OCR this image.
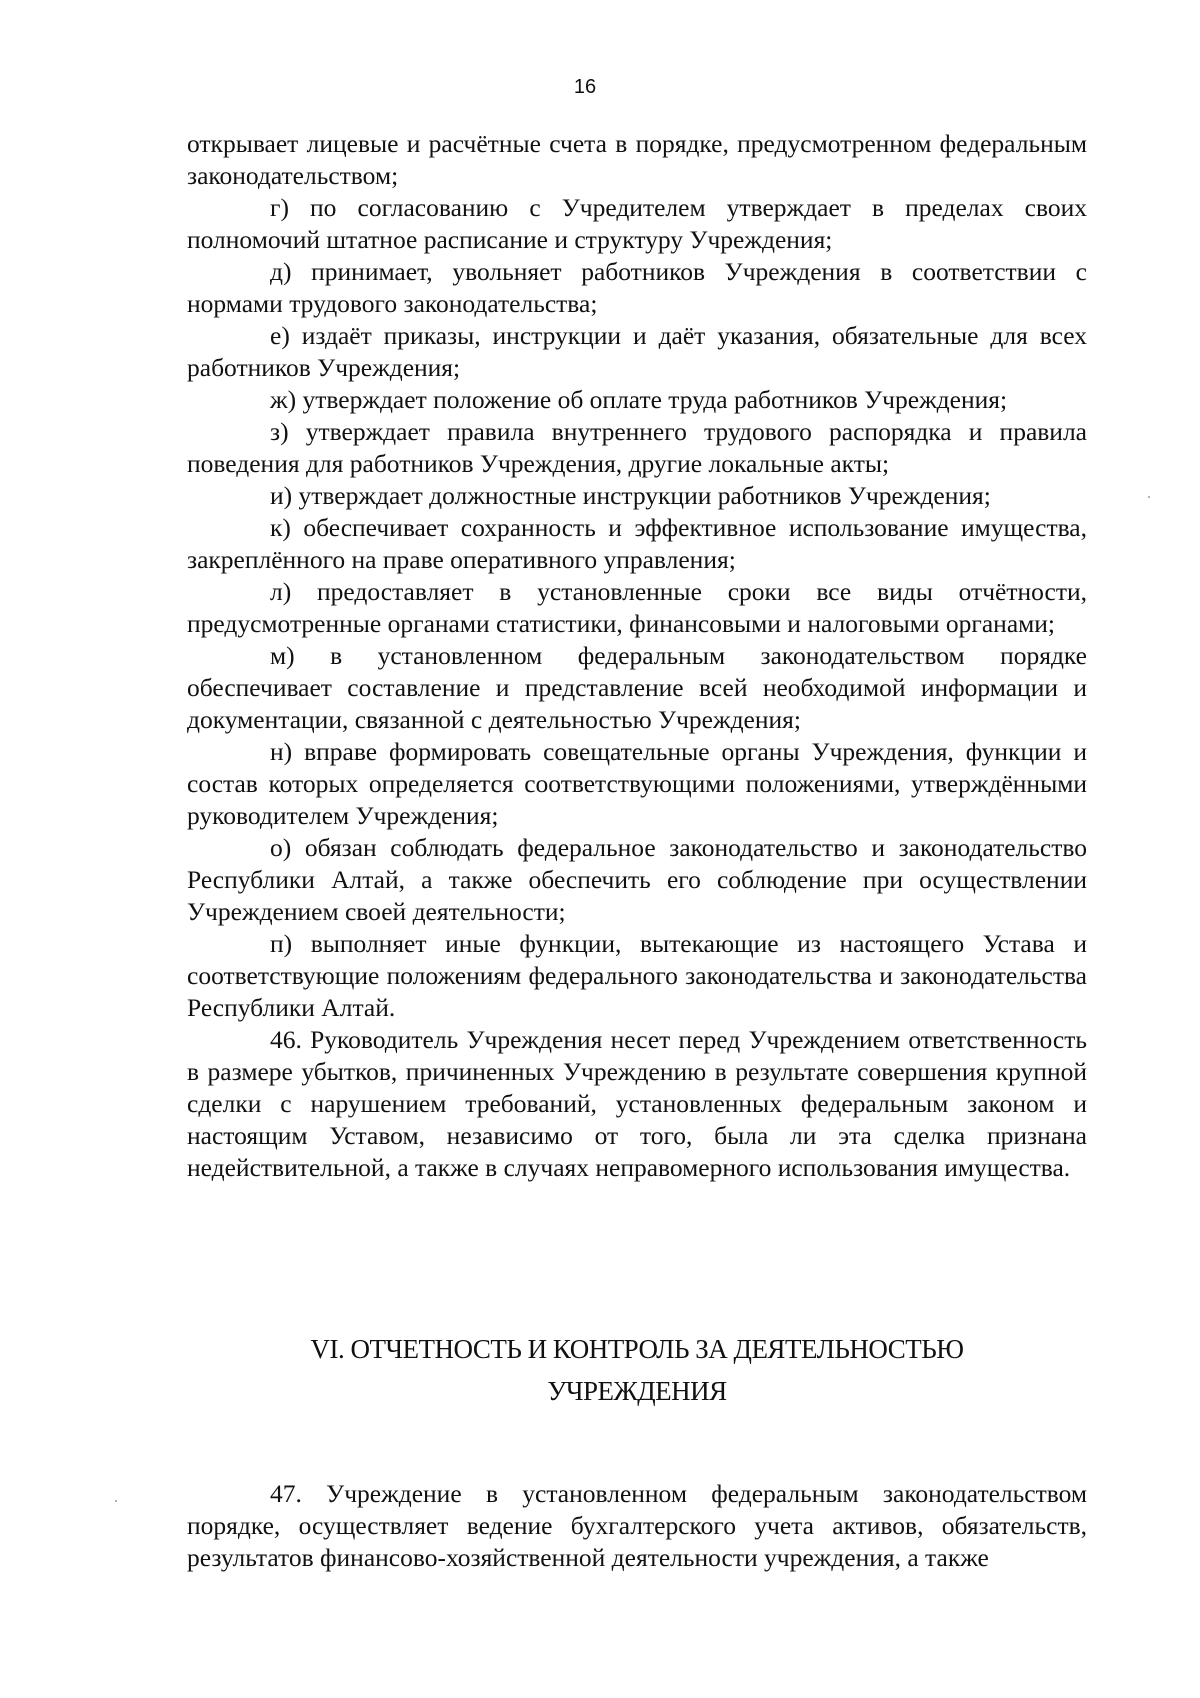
16

открывает лицевые и расчётные счета в порядке, предусмотренном федеральным законодательством;

г) по согласованию с Учредителем утверждает в пределах своих полномочий штатное расписание и структуру Учреждения;

д) принимает, увольняет работников Учреждения в соответствии с нормами трудового законодательства;

е) издаёт приказы, инструкции и даёт указания, обязательные для всех работников Учреждения;

ж) утверждает положение об оплате труда работников Учреждения;

з) утверждает правила внутреннего трудового распорядка и правила поведения для работников Учреждения, другие локальные акты;

и) утверждает должностные инструкции работников Учреждения;

к) обеспечивает сохранность и эффективное использование имущества, закреплённого на праве оперативного управления;

л) предоставляет в установленные сроки все виды отчётности, предусмотренные органами статистики, финансовыми и налоговыми органами;

м) в установленном федеральным законодательством порядке обеспечивает составление и представление всей необходимой информации и документации, связанной с деятельностью Учреждения;

н) вправе формировать совещательные органы Учреждения, функции и состав которых определяется соответствующими положениями, утверждёнными руководителем Учреждения;

о) обязан соблюдать федеральное законодательство и законодательство Республики Алтай, а также обеспечить его соблюдение при осуществлении Учреждением своей деятельности;

п) выполняет иные функции, вытекающие из настоящего Устава и соответствующие положениям федерального законодательства и законодательства Республики Алтай.

46. Руководитель Учреждения несет перед Учреждением ответственность в размере убытков, причиненных Учреждению в результате совершения крупной сделки с нарушением требований, установленных федеральным законом и настоящим Уставом, независимо от того, была ли эта сделка признана недействительной, а также в случаях неправомерного использования имущества.

VI. ОТЧЕТНОСТЬ И КОНТРОЛЬ ЗА ДЕЯТЕЛЬНОСТЬЮ
УЧРЕЖДЕНИЯ

47. Учреждение в установленном федеральным законодательством порядке, осуществляет ведение бухгалтерского учета активов, обязательств, результатов финансово-хозяйственной деятельности учреждения, а также
